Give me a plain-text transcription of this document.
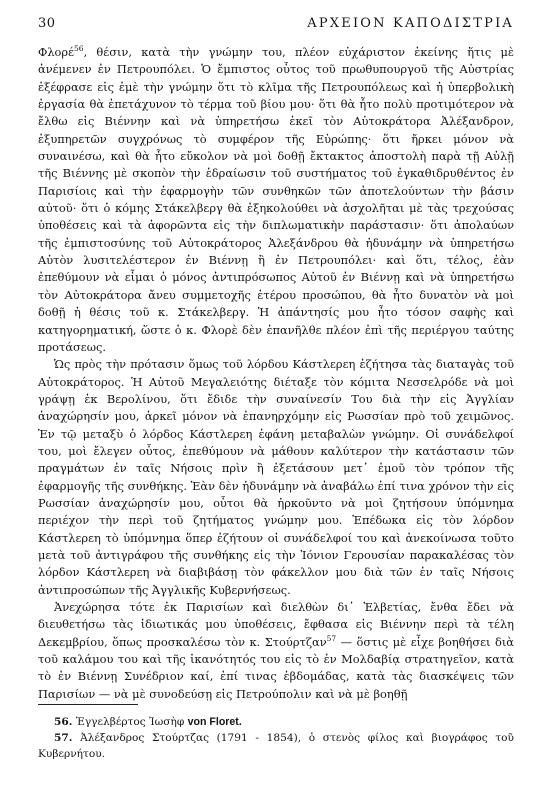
30	ΑΡΧΕΙΟΝ ΚΑΠΟΔΙΣΤΡΙΑ

Φλορέ$^{56}$, θέσιν, κατὰ τὴν γνώμην του, πλέον εὐχάριστον ἐκείνης ἥτις μὲ ἀνέμενεν ἐν Πετρουπόλει. Ὁ ἔμπιστος οὗτος τοῦ πρωθυπουργοῦ τῆς Αὐστρίας ἐξέφρασε εἰς ἐμὲ τὴν γνώμην ὅτι τὸ κλῖμα τῆς Πετρουπόλεως καὶ ἡ ὑπερβολικὴ ἐργασία θὰ ἐπετάχυνον τὸ τέρμα τοῦ βίου μου· ὅτι θὰ ἦτο πολὺ προτιμότερον νὰ ἔλθω εἰς Βιέννην καὶ νὰ ὑπηρετήσω ἐκεῖ τὸν Αὐτοκράτορα Ἀλέξανδρον, ἐξυπηρετῶν συγχρόνως τὸ συμφέρον τῆς Εὐρώπης· ὅτι ἤρκει μόνον νὰ συναινέσω, καὶ θὰ ἦτο εὔκολον νὰ μοὶ δοθῇ ἔκτακτος ἀποστολὴ παρὰ τῇ Αὐλῇ τῆς Βιέννης μὲ σκοπὸν τὴν ἑδραίωσιν τοῦ συστήματος τοῦ ἐγκαθιδρυθέντος ἐν Παρισίοις καὶ τὴν ἐφαρμογὴν τῶν συνθηκῶν τῶν ἀποτελούντων τὴν βάσιν αὐτοῦ· ὅτι ὁ κόμης Στάκελβεργ θὰ ἐξηκολούθει νὰ ἀσχολῆται μὲ τὰς τρεχούσας ὑποθέσεις καὶ τὰ ἀφορῶντα εἰς τὴν διπλωματικὴν παράστασιν· ὅτι ἀπολαύων τῆς ἐμπιστοσύνης τοῦ Αὐτοκράτορος Ἀλεξάνδρου θὰ ἠδυνάμην νὰ ὑπηρετήσω Αὐτὸν λυσιτελέστερον ἐν Βιέννῃ ἢ ἐν Πετρουπόλει· καὶ ὅτι, τέλος, ἐὰν ἐπεθύμουν νὰ εἶμαι ὁ μόνος ἀντιπρόσωπος Αὐτοῦ ἐν Βιέννῃ καὶ νὰ ὑπηρετήσω τὸν Αὐτοκράτορα ἄνευ συμμετοχῆς ἑτέρου προσώπου, θὰ ἦτο δυνατὸν νὰ μοὶ δοθῇ ἡ θέσις τοῦ κ. Στάκελβεργ. Ἡ ἀπάντησίς μου ἦτο τόσον σαφὴς καὶ κατηγορηματική, ὥστε ὁ κ. Φλορὲ δὲν ἐπανῆλθε πλέον ἐπὶ τῆς περιέργου ταύτης προτάσεως.

Ὡς πρὸς τὴν πρότασιν ὅμως τοῦ λόρδου Κάστλερεη ἐζήτησα τὰς διαταγὰς τοῦ Αὐτοκράτορος. Ἡ Αὐτοῦ Μεγαλειότης διέταξε τὸν κόμιτα Νεσσελρόδε νὰ μοὶ γράψῃ ἐκ Βερολίνου, ὅτι ἔδιδε τὴν συναίνεσίν Του διὰ τὴν εἰς Ἀγγλίαν ἀναχώρησίν μου, ἀρκεῖ μόνον νὰ ἐπανηρχόμην εἰς Ρωσσίαν πρὸ τοῦ χειμῶνος. Ἐν τῷ μεταξὺ ὁ λόρδος Κάστλερεη ἐφάνη μεταβαλὼν γνώμην. Οἱ συνάδελφοί του, μοὶ ἔλεγεν οὗτος, ἐπεθύμουν νὰ μάθουν καλύτερον τὴν κατάστασιν τῶν πραγμάτων ἐν ταῖς Νήσοις πρὶν ἢ ἐξετάσουν μετ᾿ ἐμοῦ τὸν τρόπον τῆς ἐφαρμογῆς τῆς συνθήκης. Ἐὰν δὲν ἠδυνάμην νὰ ἀναβάλω ἐπί τινα χρόνον τὴν εἰς Ρωσσίαν ἀναχώρησίν μου, οὗτοι θὰ ἠρκοῦντο νὰ μοὶ ζητήσουν ὑπόμνημα περιέχον τὴν περὶ τοῦ ζητήματος γνώμην μου. Ἐπέδωκα εἰς τὸν λόρδον Κάστλερεη τὸ ὑπόμνημα ὅπερ ἐζήτουν οἱ συνάδελφοί του καὶ ἀνεκοίνωσα τοῦτο μετὰ τοῦ ἀντιγράφου τῆς συνθήκης εἰς τὴν Ἰόνιον Γερουσίαν παρακαλέσας τὸν λόρδον Κάστλερεη νὰ διαβιβάσῃ τὸν φάκελλον μου διὰ τῶν ἐν ταῖς Νήσοις ἀντιπροσώπων τῆς Ἀγγλικῆς Κυβερνήσεως.

Ἀνεχώρησα τότε ἐκ Παρισίων καὶ διελθὼν δι᾿ Ἑλβετίας, ἔνθα ἔδει νὰ διευθετήσω τὰς ἰδιωτικάς μου ὑποθέσεις, ἔφθασα εἰς Βιέννην περὶ τὰ τέλη Δεκεμβρίου, ὅπως προσκαλέσω τὸν κ. Στούρτζαν$^{57}$ — ὅστις μὲ εἶχε βοηθήσει διὰ τοῦ καλάμου του καὶ τῆς ἱκανότητός του εἰς τὸ ἐν Μολδαβίᾳ στρατηγεῖον, κατὰ τὸ ἐν Βιέννῃ Συνέδριον καί, ἐπί τινας ἑβδομάδας, κατὰ τὰς διασκέψεις τῶν Παρισίων — νὰ μὲ συνοδεύσῃ εἰς Πετρούπολιν καὶ νὰ μὲ βοηθῇ

56. Ἐγγελβέρτος Ἰωσὴφ von Floret.

57. Ἀλέξανδρος Στούρτζας (1791 - 1854), ὁ στενὸς φίλος καὶ βιογράφος τοῦ Κυβερνήτου.
